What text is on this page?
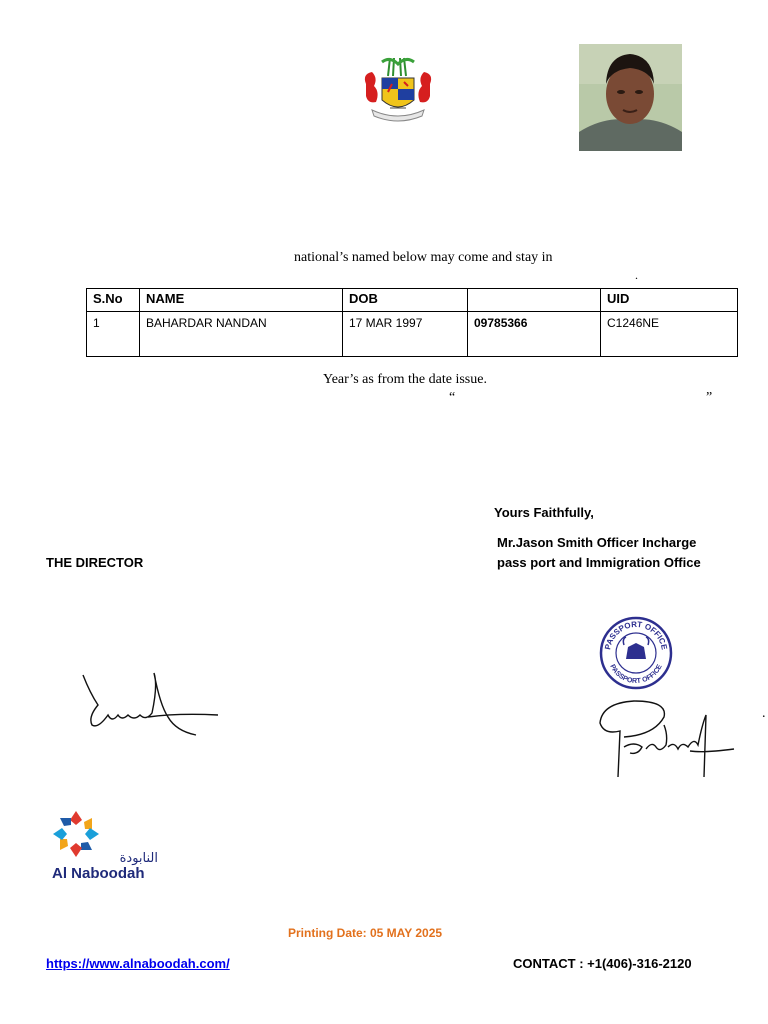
national’s named below may come and stay in
.
S.No	NAME	DOB		UID
1	BAHARDAR NANDAN	17 MAR 1997	09785366	C1246NE
Year’s as from the date issue.
“	”
Yours Faithfully,
Mr.Jason Smith Officer Incharge
pass port and Immigration Office
THE DIRECTOR
PASSPORT OFFICE
PASSPORT OFFICE
.
النابودة
Al Naboodah
Printing Date: 05 MAY 2025
https://www.alnaboodah.com/	CONTACT : +1(406)-316-2120
